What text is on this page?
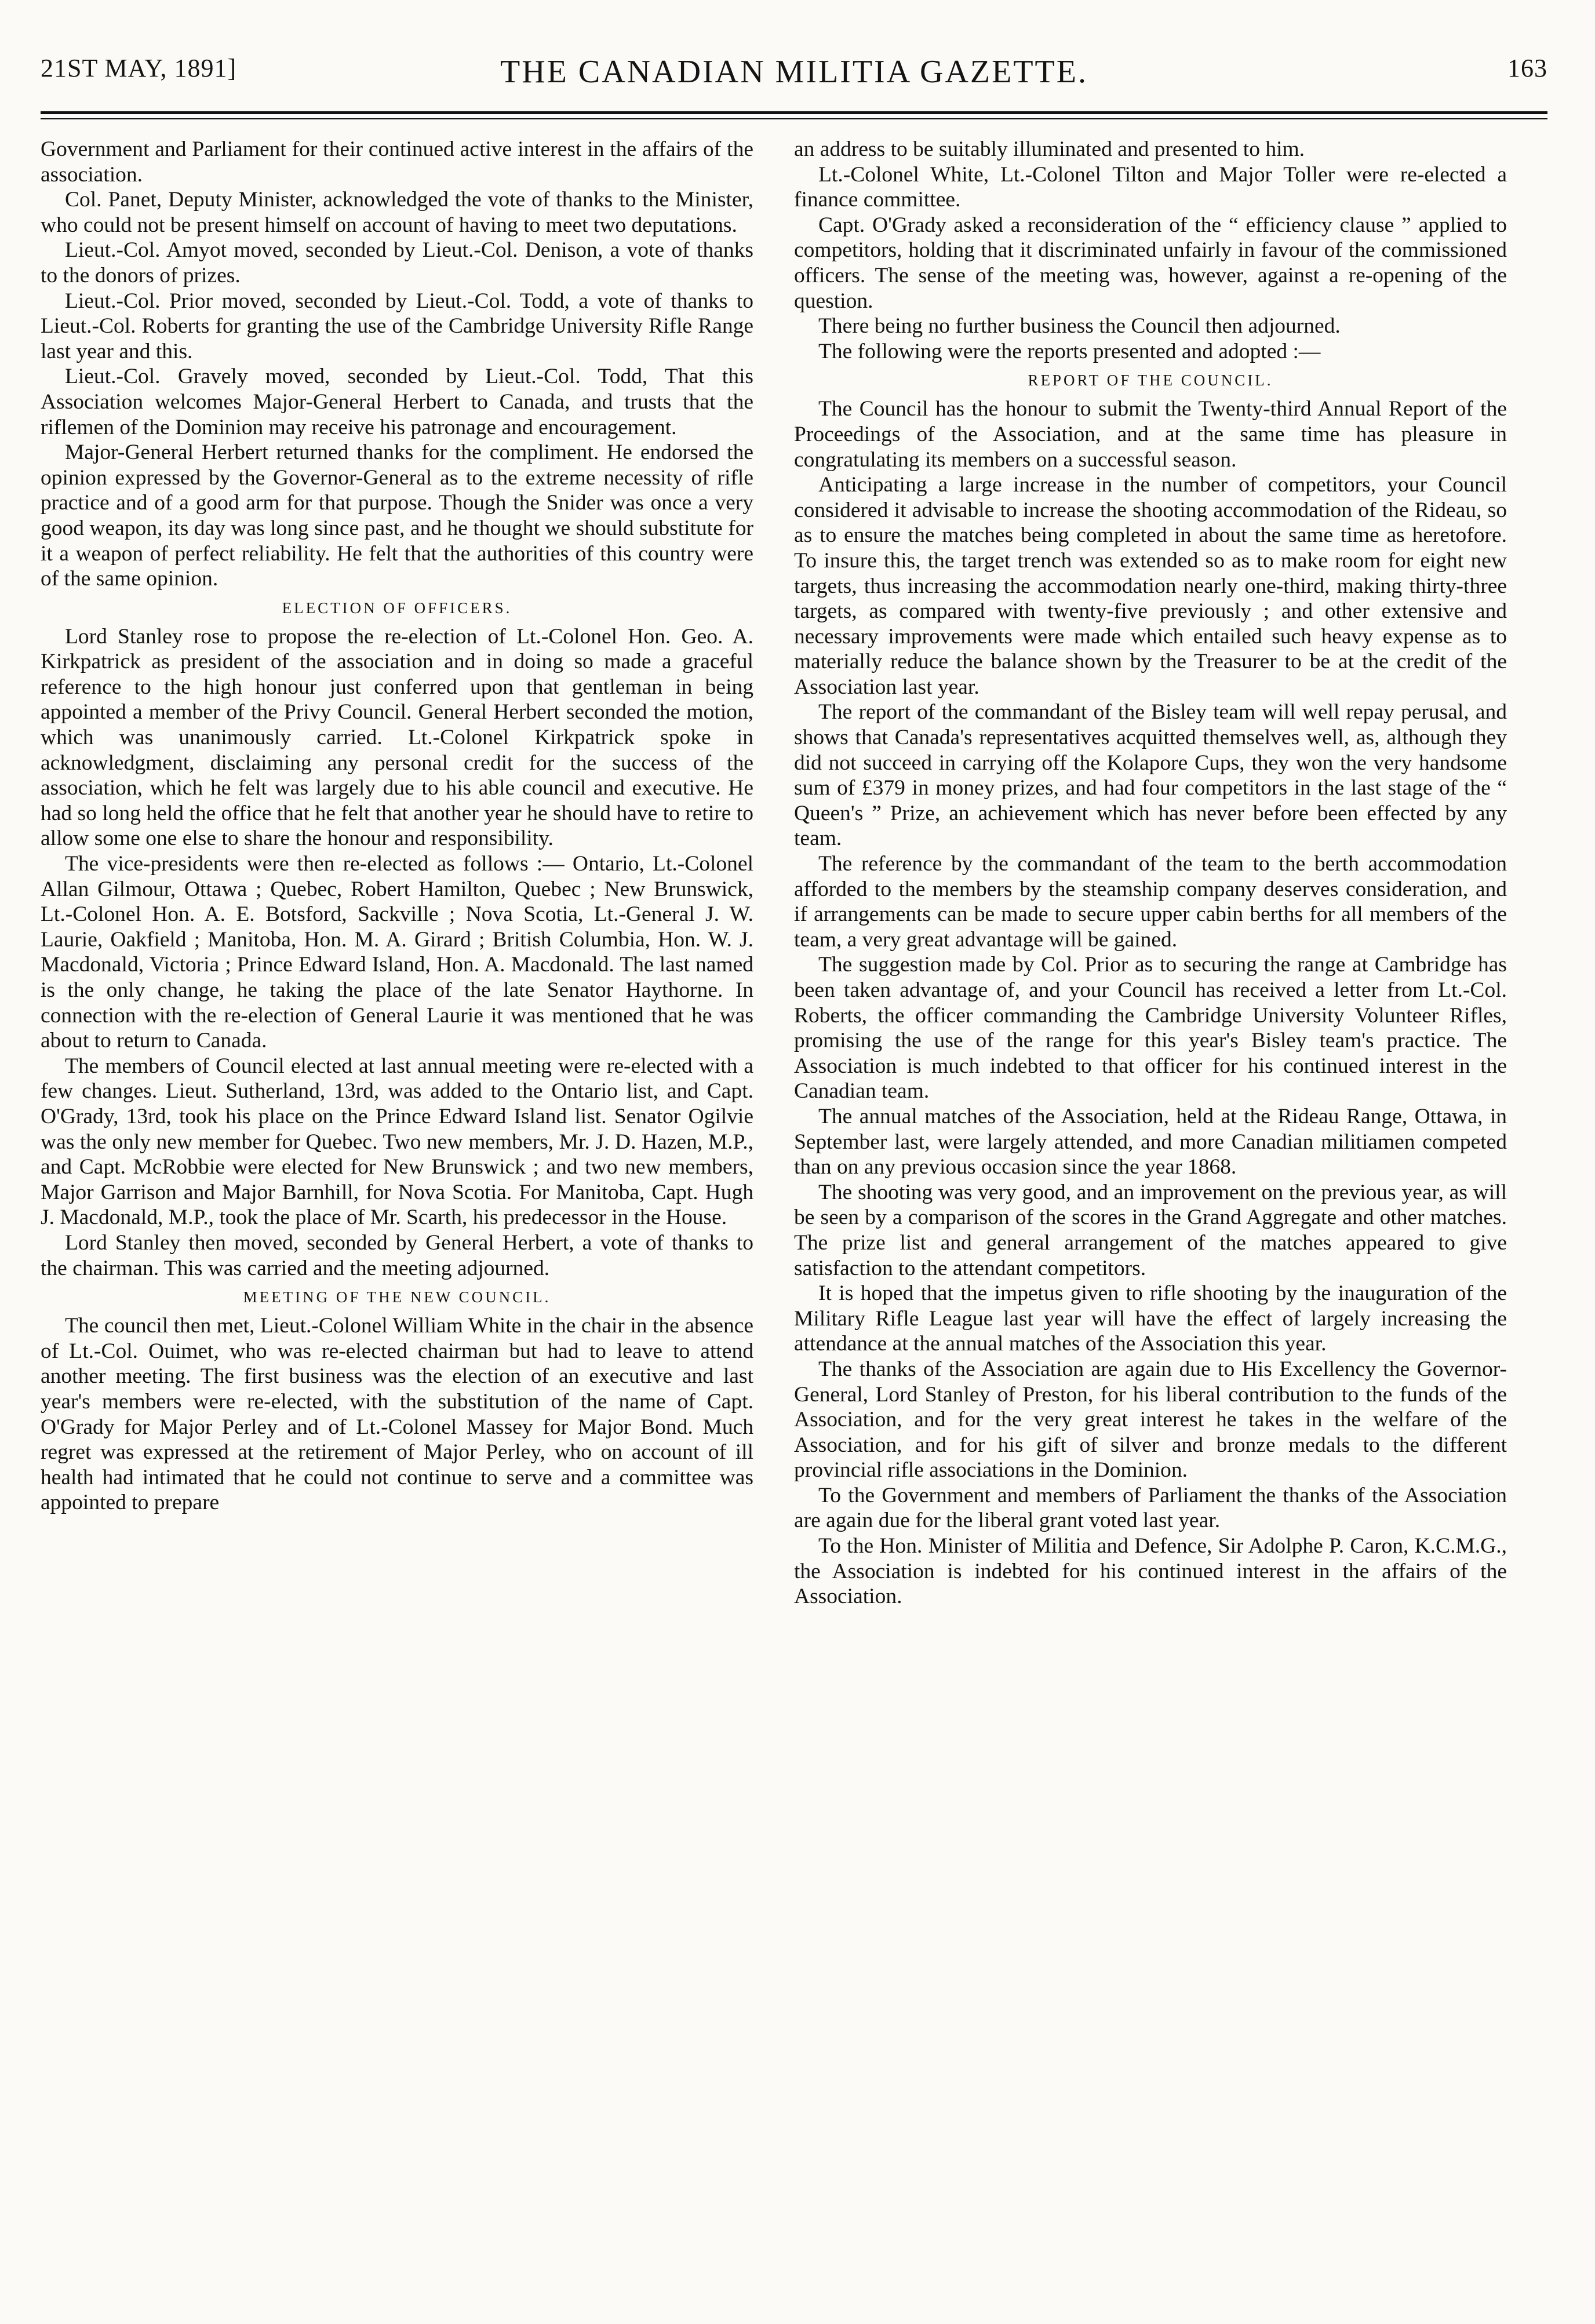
21ST MAY, 1891]	THE CANADIAN MILITIA GAZETTE.	163

Government and Parliament for their continued active interest in the affairs of the association.

Col. Panet, Deputy Minister, acknowledged the vote of thanks to the Minister, who could not be present himself on account of having to meet two deputations.

Lieut.-Col. Amyot moved, seconded by Lieut.-Col. Denison, a vote of thanks to the donors of prizes.

Lieut.-Col. Prior moved, seconded by Lieut.-Col. Todd, a vote of thanks to Lieut.-Col. Roberts for granting the use of the Cambridge University Rifle Range last year and this.

Lieut.-Col. Gravely moved, seconded by Lieut.-Col. Todd, That this Association welcomes Major-General Herbert to Canada, and trusts that the riflemen of the Dominion may receive his patronage and encouragement.

Major-General Herbert returned thanks for the compliment. He endorsed the opinion expressed by the Governor-General as to the extreme necessity of rifle practice and of a good arm for that purpose. Though the Snider was once a very good weapon, its day was long since past, and he thought we should substitute for it a weapon of perfect reliability. He felt that the authorities of this country were of the same opinion.

ELECTION OF OFFICERS.

Lord Stanley rose to propose the re-election of Lt.-Colonel Hon. Geo. A. Kirkpatrick as president of the association and in doing so made a graceful reference to the high honour just conferred upon that gentleman in being appointed a member of the Privy Council. General Herbert seconded the motion, which was unanimously carried. Lt.-Colonel Kirkpatrick spoke in acknowledgment, disclaiming any personal credit for the success of the association, which he felt was largely due to his able council and executive. He had so long held the office that he felt that another year he should have to retire to allow some one else to share the honour and responsibility.

The vice-presidents were then re-elected as follows :— Ontario, Lt.-Colonel Allan Gilmour, Ottawa ; Quebec, Robert Hamilton, Quebec ; New Brunswick, Lt.-Colonel Hon. A. E. Botsford, Sackville ; Nova Scotia, Lt.-General J. W. Laurie, Oakfield ; Manitoba, Hon. M. A. Girard ; British Columbia, Hon. W. J. Macdonald, Victoria ; Prince Edward Island, Hon. A. Macdonald. The last named is the only change, he taking the place of the late Senator Haythorne. In connection with the re-election of General Laurie it was mentioned that he was about to return to Canada.

The members of Council elected at last annual meeting were re-elected with a few changes. Lieut. Sutherland, 13rd, was added to the Ontario list, and Capt. O'Grady, 13rd, took his place on the Prince Edward Island list. Senator Ogilvie was the only new member for Quebec. Two new members, Mr. J. D. Hazen, M.P., and Capt. McRobbie were elected for New Brunswick ; and two new members, Major Garrison and Major Barnhill, for Nova Scotia. For Manitoba, Capt. Hugh J. Macdonald, M.P., took the place of Mr. Scarth, his predecessor in the House.

Lord Stanley then moved, seconded by General Herbert, a vote of thanks to the chairman. This was carried and the meeting adjourned.

MEETING OF THE NEW COUNCIL.

The council then met, Lieut.-Colonel William White in the chair in the absence of Lt.-Col. Ouimet, who was re-elected chairman but had to leave to attend another meeting. The first business was the election of an executive and last year's members were re-elected, with the substitution of the name of Capt. O'Grady for Major Perley and of Lt.-Colonel Massey for Major Bond. Much regret was expressed at the retirement of Major Perley, who on account of ill health had intimated that he could not continue to serve and a committee was appointed to prepare

an address to be suitably illuminated and presented to him.

Lt.-Colonel White, Lt.-Colonel Tilton and Major Toller were re-elected a finance committee.

Capt. O'Grady asked a reconsideration of the “ efficiency clause ” applied to competitors, holding that it discriminated unfairly in favour of the commissioned officers. The sense of the meeting was, however, against a re-opening of the question.

There being no further business the Council then adjourned.

The following were the reports presented and adopted :—

REPORT OF THE COUNCIL.

The Council has the honour to submit the Twenty-third Annual Report of the Proceedings of the Association, and at the same time has pleasure in congratulating its members on a successful season.

Anticipating a large increase in the number of competitors, your Council considered it advisable to increase the shooting accommodation of the Rideau, so as to ensure the matches being completed in about the same time as heretofore. To insure this, the target trench was extended so as to make room for eight new targets, thus increasing the accommodation nearly one-third, making thirty-three targets, as compared with twenty-five previously ; and other extensive and necessary improvements were made which entailed such heavy expense as to materially reduce the balance shown by the Treasurer to be at the credit of the Association last year.

The report of the commandant of the Bisley team will well repay perusal, and shows that Canada's representatives acquitted themselves well, as, although they did not succeed in carrying off the Kolapore Cups, they won the very handsome sum of £379 in money prizes, and had four competitors in the last stage of the “ Queen's ” Prize, an achievement which has never before been effected by any team.

The reference by the commandant of the team to the berth accommodation afforded to the members by the steamship company deserves consideration, and if arrangements can be made to secure upper cabin berths for all members of the team, a very great advantage will be gained.

The suggestion made by Col. Prior as to securing the range at Cambridge has been taken advantage of, and your Council has received a letter from Lt.-Col. Roberts, the officer commanding the Cambridge University Volunteer Rifles, promising the use of the range for this year's Bisley team's practice. The Association is much indebted to that officer for his continued interest in the Canadian team.

The annual matches of the Association, held at the Rideau Range, Ottawa, in September last, were largely attended, and more Canadian militiamen competed than on any previous occasion since the year 1868.

The shooting was very good, and an improvement on the previous year, as will be seen by a comparison of the scores in the Grand Aggregate and other matches. The prize list and general arrangement of the matches appeared to give satisfaction to the attendant competitors.

It is hoped that the impetus given to rifle shooting by the inauguration of the Military Rifle League last year will have the effect of largely increasing the attendance at the annual matches of the Association this year.

The thanks of the Association are again due to His Excellency the Governor-General, Lord Stanley of Preston, for his liberal contribution to the funds of the Association, and for the very great interest he takes in the welfare of the Association, and for his gift of silver and bronze medals to the different provincial rifle associations in the Dominion.

To the Government and members of Parliament the thanks of the Association are again due for the liberal grant voted last year.

To the Hon. Minister of Militia and Defence, Sir Adolphe P. Caron, K.C.M.G., the Association is indebted for his continued interest in the affairs of the Association.
